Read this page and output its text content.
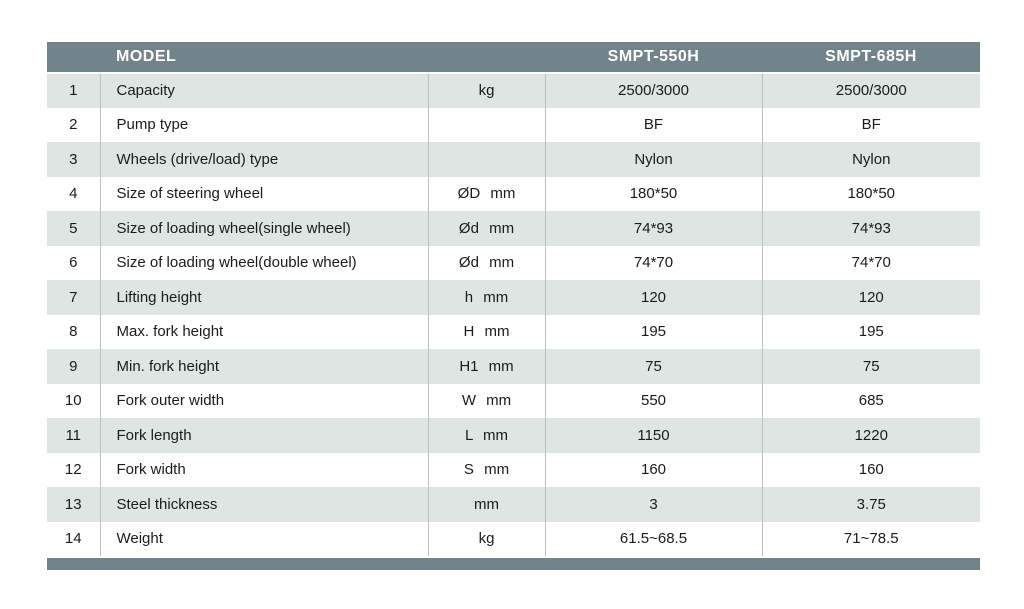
	MODEL		SMPT-550H	SMPT-685H
1	Capacity	kg	2500/3000	2500/3000
2	Pump type		BF	BF
3	Wheels (drive/load) type		Nylon	Nylon
4	Size of steering wheel	ØD mm	180*50	180*50
5	Size of loading wheel(single wheel)	Ød mm	74*93	74*93
6	Size of loading wheel(double wheel)	Ød mm	74*70	74*70
7	Lifting height	h mm	120	120
8	Max. fork height	H mm	195	195
9	Min. fork height	H1 mm	75	75
10	Fork outer width	W mm	550	685
11	Fork length	L mm	1150	1220
12	Fork width	S mm	160	160
13	Steel thickness	mm	3	3.75
14	Weight	kg	61.5~68.5	71~78.5
